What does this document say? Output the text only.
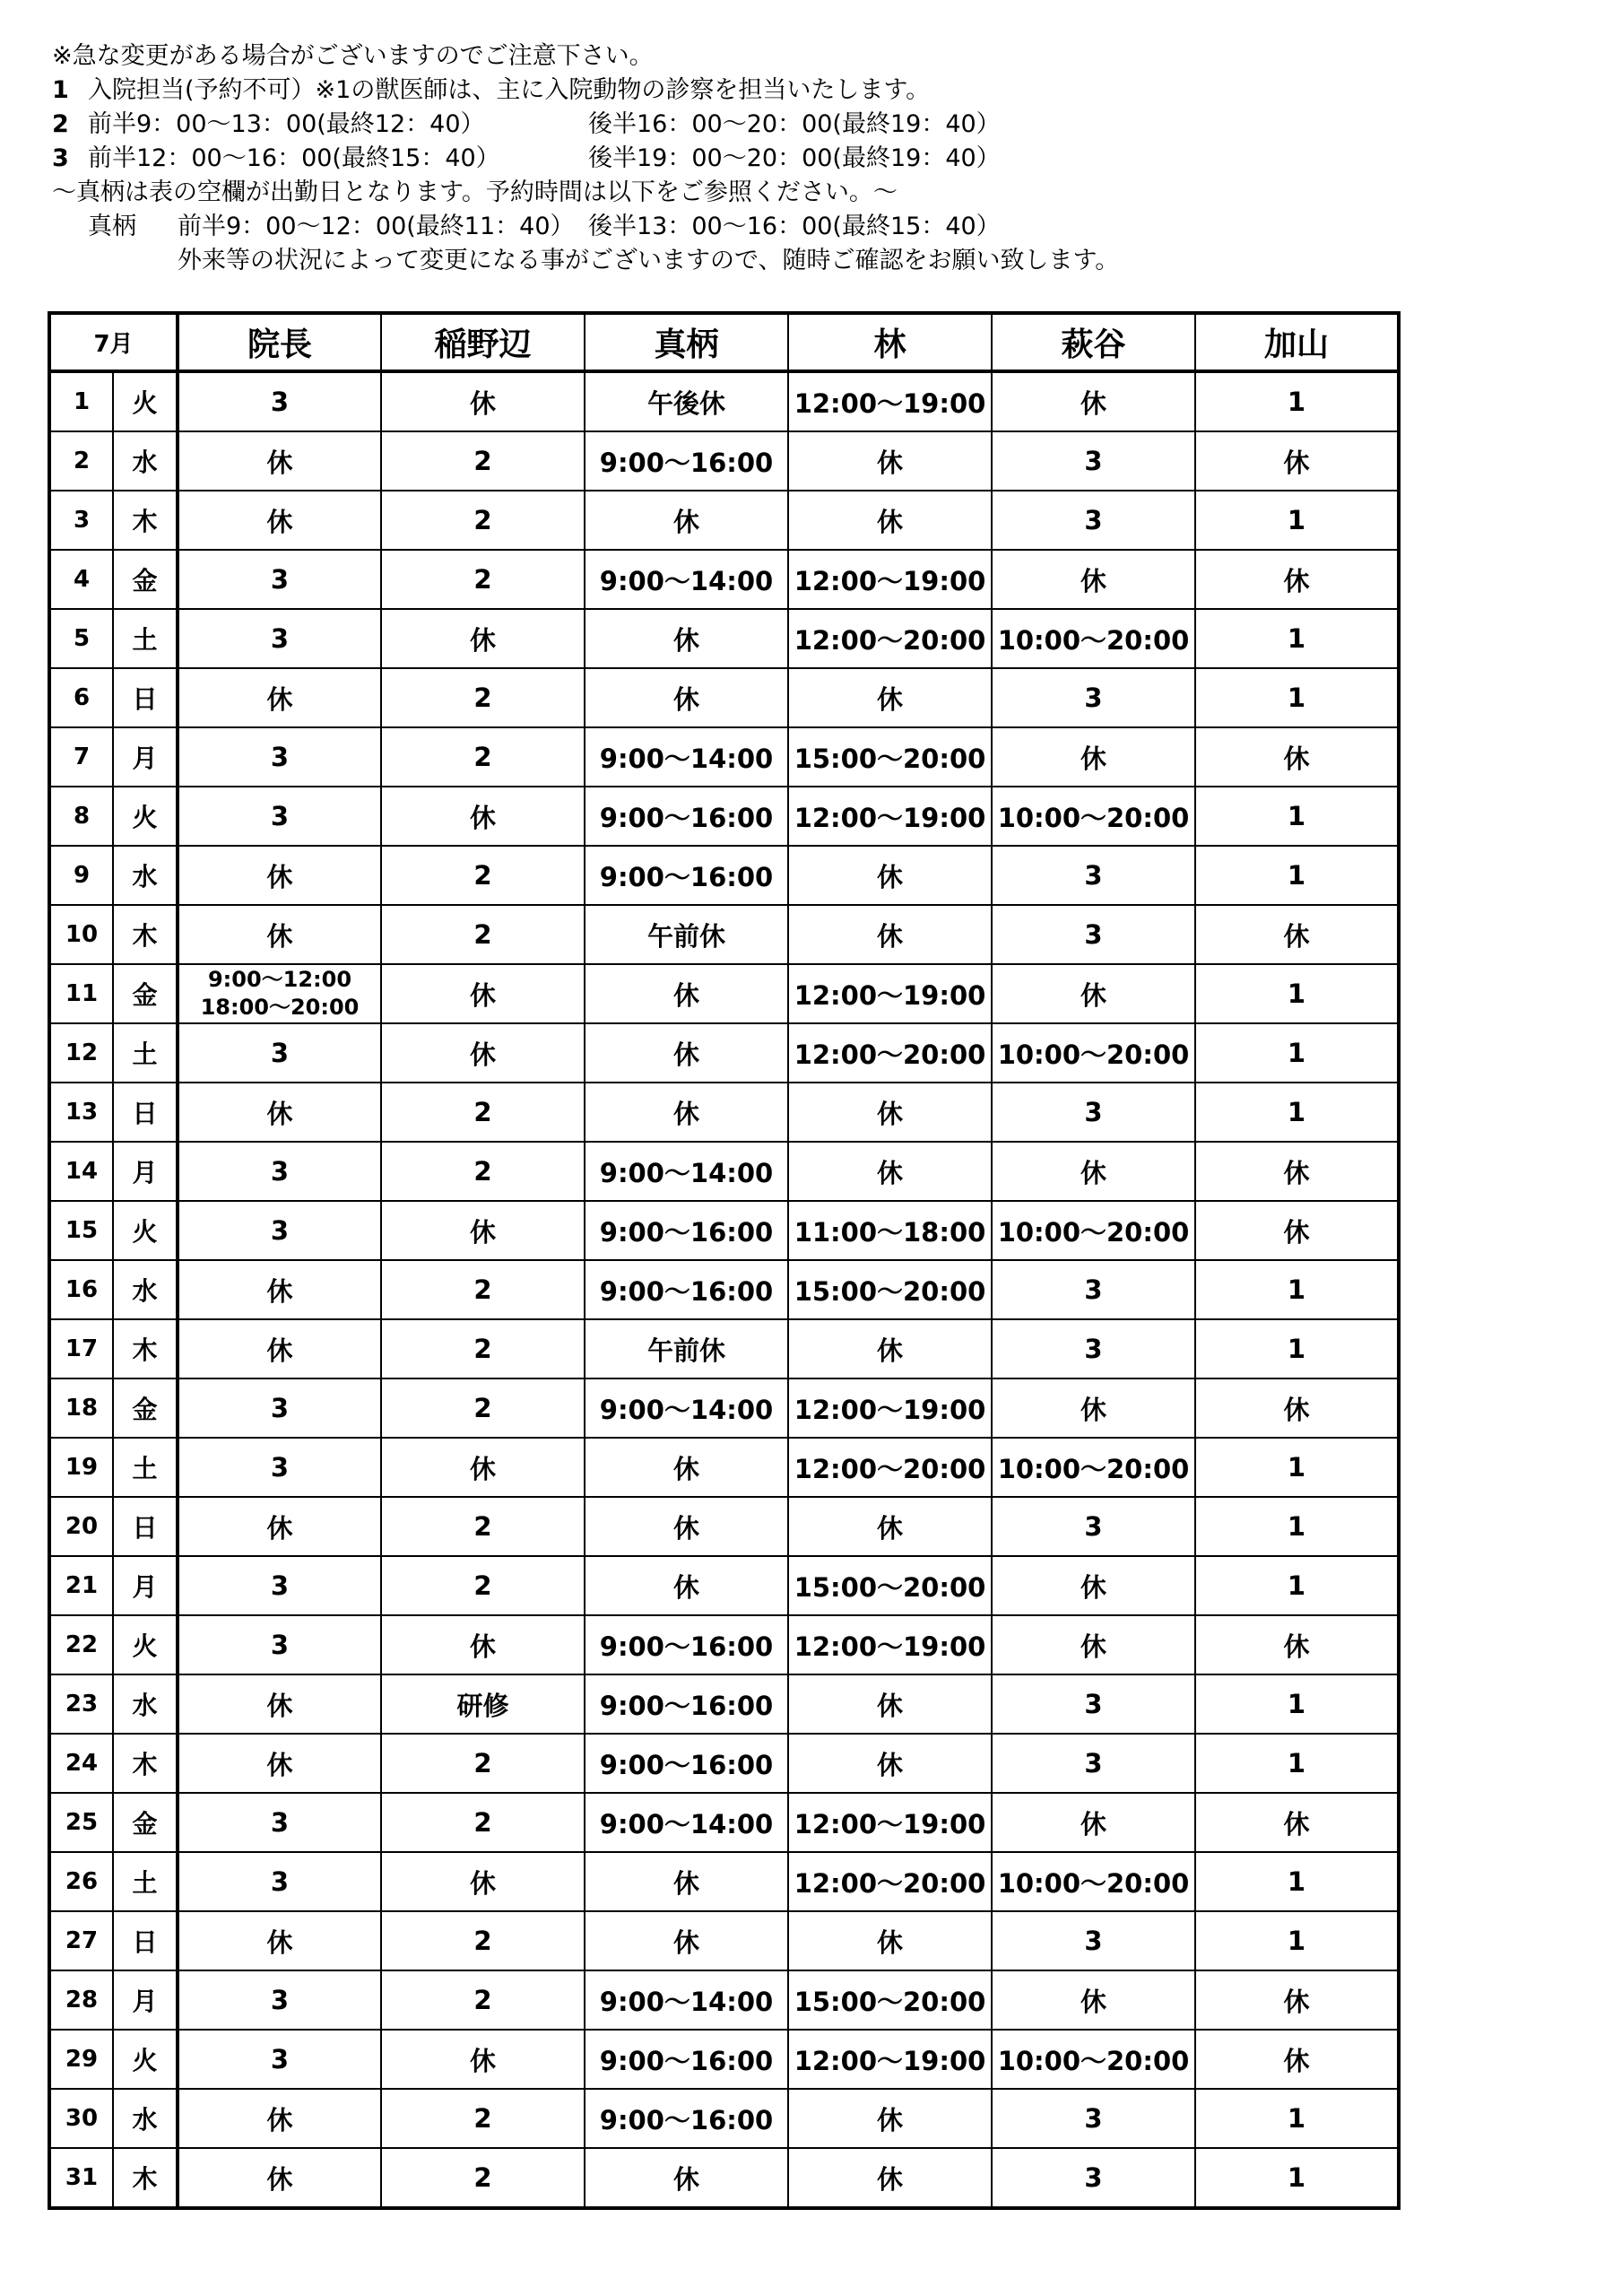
※急な変更がある場合がございますのでご注意下さい。
1 入院担当(予約不可）※1の獣医師は、主に入院動物の診察を担当いたします。
2 前半9：00～13：00(最終12：40）	後半16：00～20：00(最終19：40）
3 前半12：00～16：00(最終15：40）	後半19：00～20：00(最終19：40）
～真柄は表の空欄が出勤日となります。予約時間は以下をご参照ください。～
真柄 前半9：00～12：00(最終11：40） 後半13：00～16：00(最終15：40）
外来等の状況によって変更になる事がございますので、随時ご確認をお願い致します。
7月		院長	稲野辺	真柄	林	萩谷	加山
1	火	3	休	午後休	12:00～19:00	休	1
2	水	休	2	9:00～16:00	休	3	休
3	木	休	2	休	休	3	1
4	金	3	2	9:00～14:00	12:00～19:00	休	休
5	土	3	休	休	12:00～20:00	10:00～20:00	1
6	日	休	2	休	休	3	1
7	月	3	2	9:00～14:00	15:00～20:00	休	休
8	火	3	休	9:00～16:00	12:00～19:00	10:00～20:00	1
9	水	休	2	9:00～16:00	休	3	1
10	木	休	2	午前休	休	3	休
11	金	9:00～12:00
18:00～20:00	休	休	12:00～19:00	休	1
12	土	3	休	休	12:00～20:00	10:00～20:00	1
13	日	休	2	休	休	3	1
14	月	3	2	9:00～14:00	休	休	休
15	火	3	休	9:00～16:00	11:00～18:00	10:00～20:00	休
16	水	休	2	9:00～16:00	15:00～20:00	3	1
17	木	休	2	午前休	休	3	1
18	金	3	2	9:00～14:00	12:00～19:00	休	休
19	土	3	休	休	12:00～20:00	10:00～20:00	1
20	日	休	2	休	休	3	1
21	月	3	2	休	15:00～20:00	休	1
22	火	3	休	9:00～16:00	12:00～19:00	休	休
23	水	休	研修	9:00～16:00	休	3	1
24	木	休	2	9:00～16:00	休	3	1
25	金	3	2	9:00～14:00	12:00～19:00	休	休
26	土	3	休	休	12:00～20:00	10:00～20:00	1
27	日	休	2	休	休	3	1
28	月	3	2	9:00～14:00	15:00～20:00	休	休
29	火	3	休	9:00～16:00	12:00～19:00	10:00～20:00	休
30	水	休	2	9:00～16:00	休	3	1
31	木	休	2	休	休	3	1
